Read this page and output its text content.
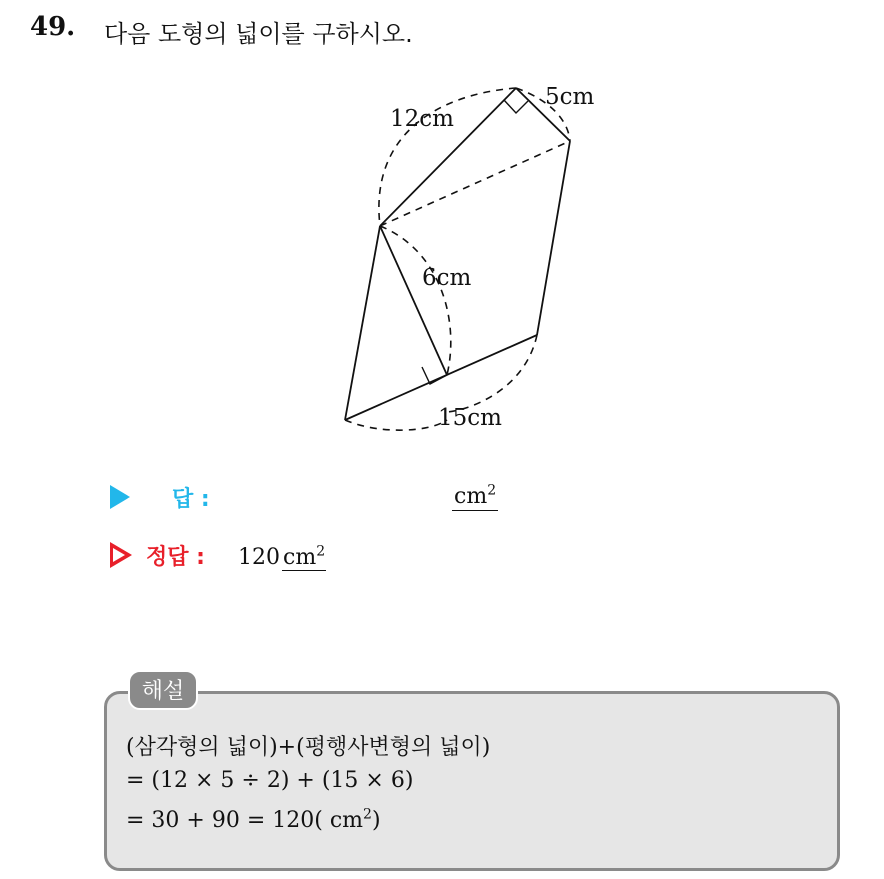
49. 다음 도형의 넓이를 구하시오.
12cm
5cm
6cm
15cm
답 :	$cm^2$
정답 : 120 $cm^2$
해설
(삼각형의 넓이)+(평행사변형의 넓이)
= (12 × 5 ÷ 2) + (15 × 6)
= 30 + 90 = 120( $cm^2$)
